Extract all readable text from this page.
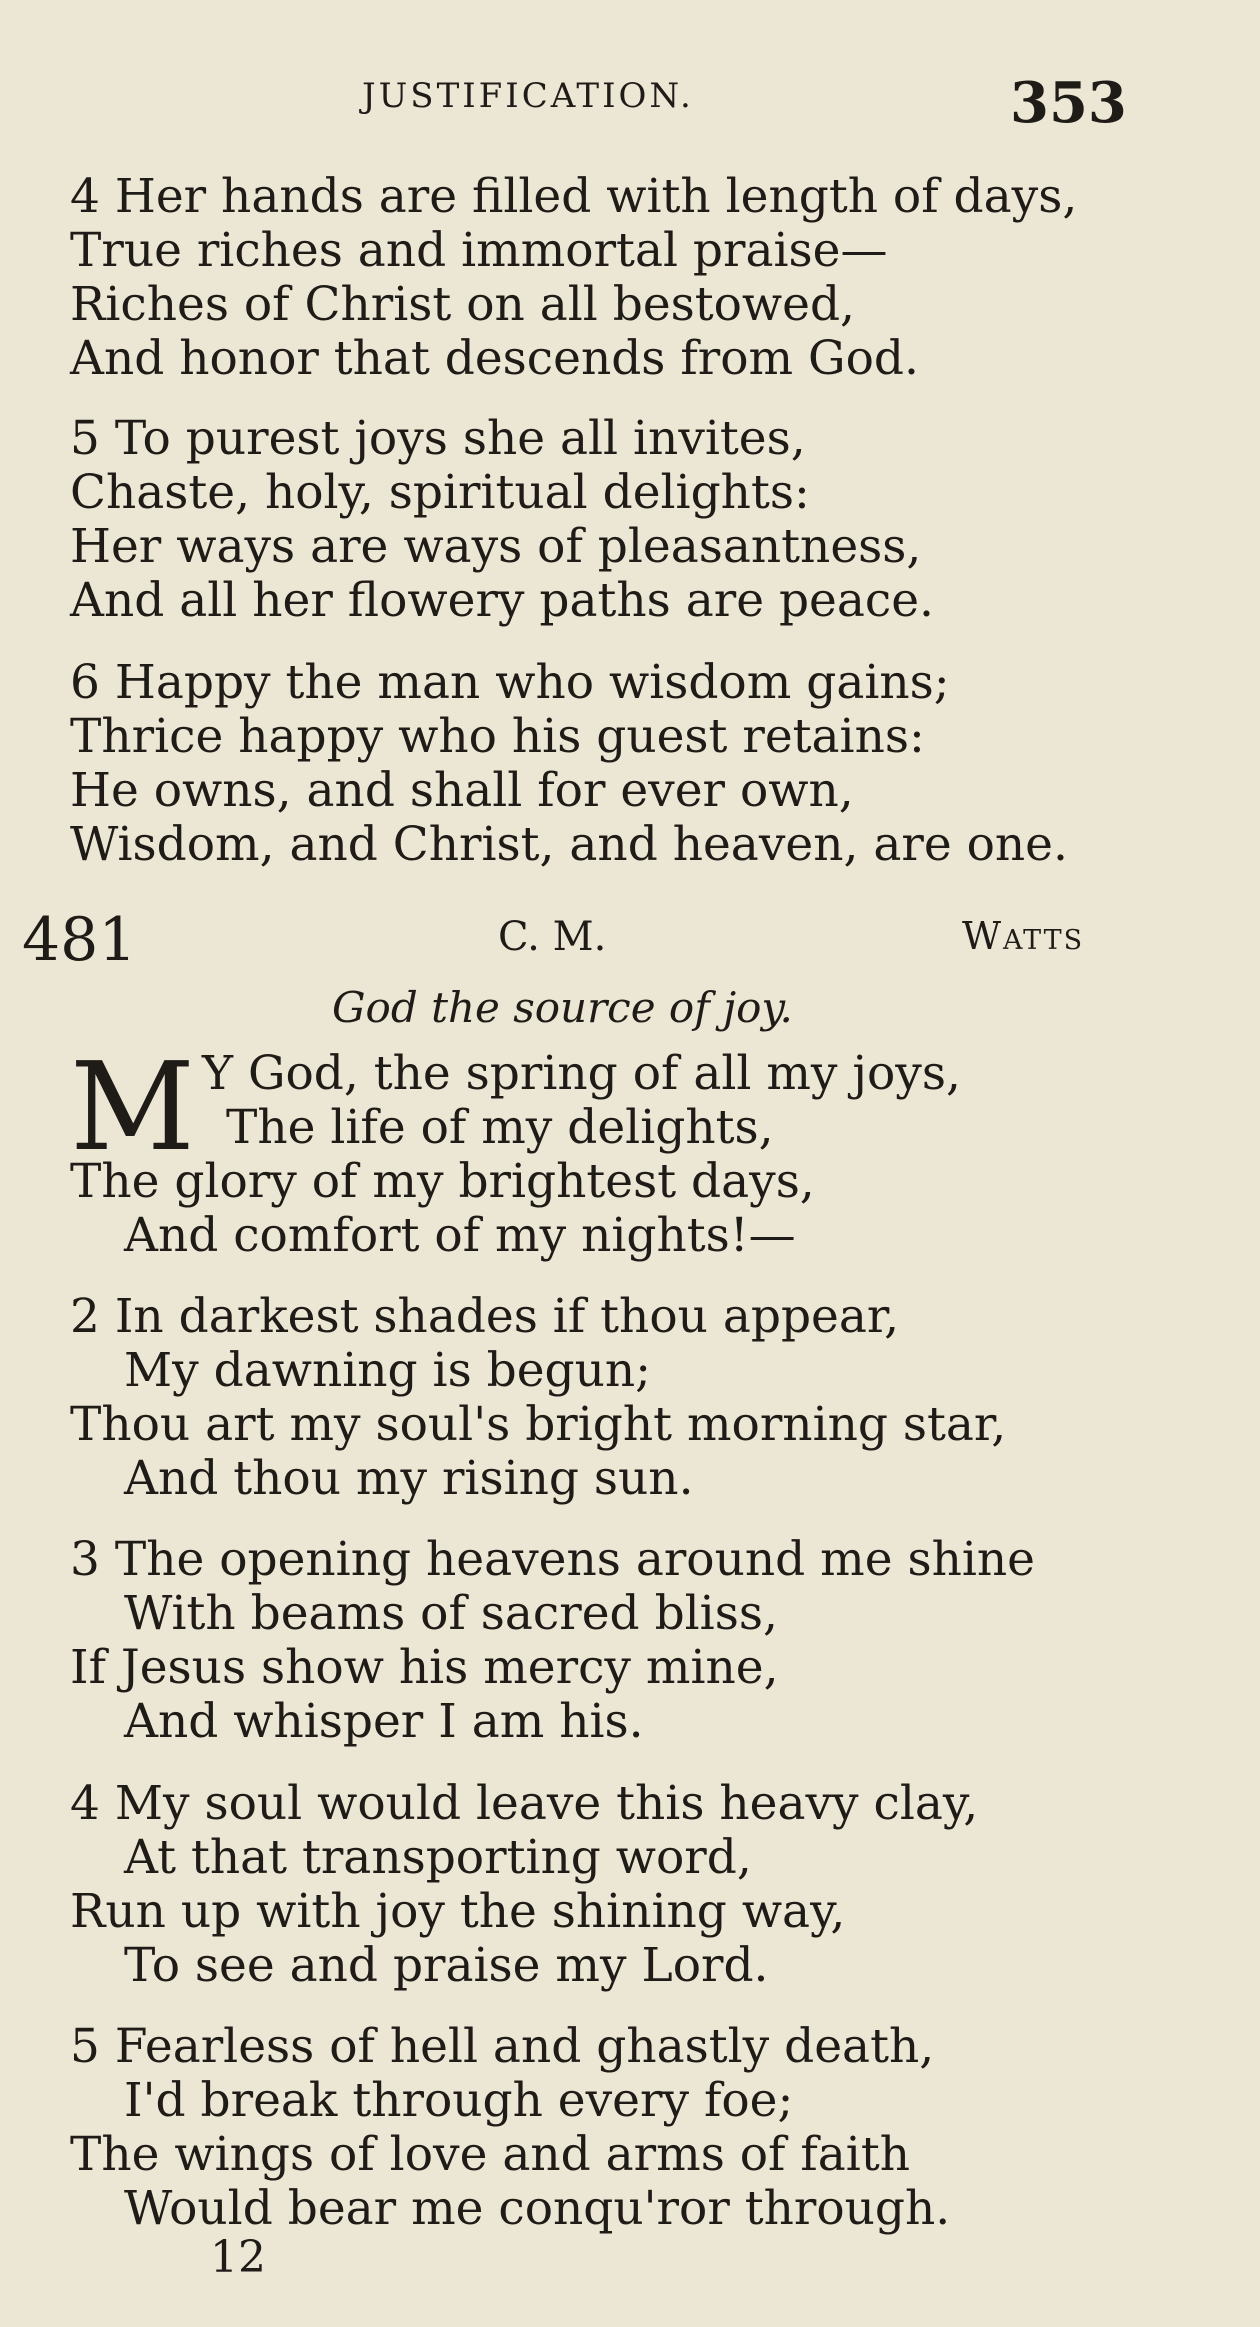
JUSTIFICATION.	353
4 Her hands are filled with length of days,
True riches and immortal praise—
Riches of Christ on all bestowed,
And honor that descends from God.
5 To purest joys she all invites,
Chaste, holy, spiritual delights:
Her ways are ways of pleasantness,
And all her flowery paths are peace.
6 Happy the man who wisdom gains;
Thrice happy who his guest retains:
He owns, and shall for ever own,
Wisdom, and Christ, and heaven, are one.
481	C. M.	Watts
God the source of joy.
M Y God, the spring of all my joys,
The life of my delights,
The glory of my brightest days,
And comfort of my nights!—
2 In darkest shades if thou appear,
My dawning is begun;
Thou art my soul's bright morning star,
And thou my rising sun.
3 The opening heavens around me shine
With beams of sacred bliss,
If Jesus show his mercy mine,
And whisper I am his.
4 My soul would leave this heavy clay,
At that transporting word,
Run up with joy the shining way,
To see and praise my Lord.
5 Fearless of hell and ghastly death,
I'd break through every foe;
The wings of love and arms of faith
Would bear me conqu'ror through.
12
